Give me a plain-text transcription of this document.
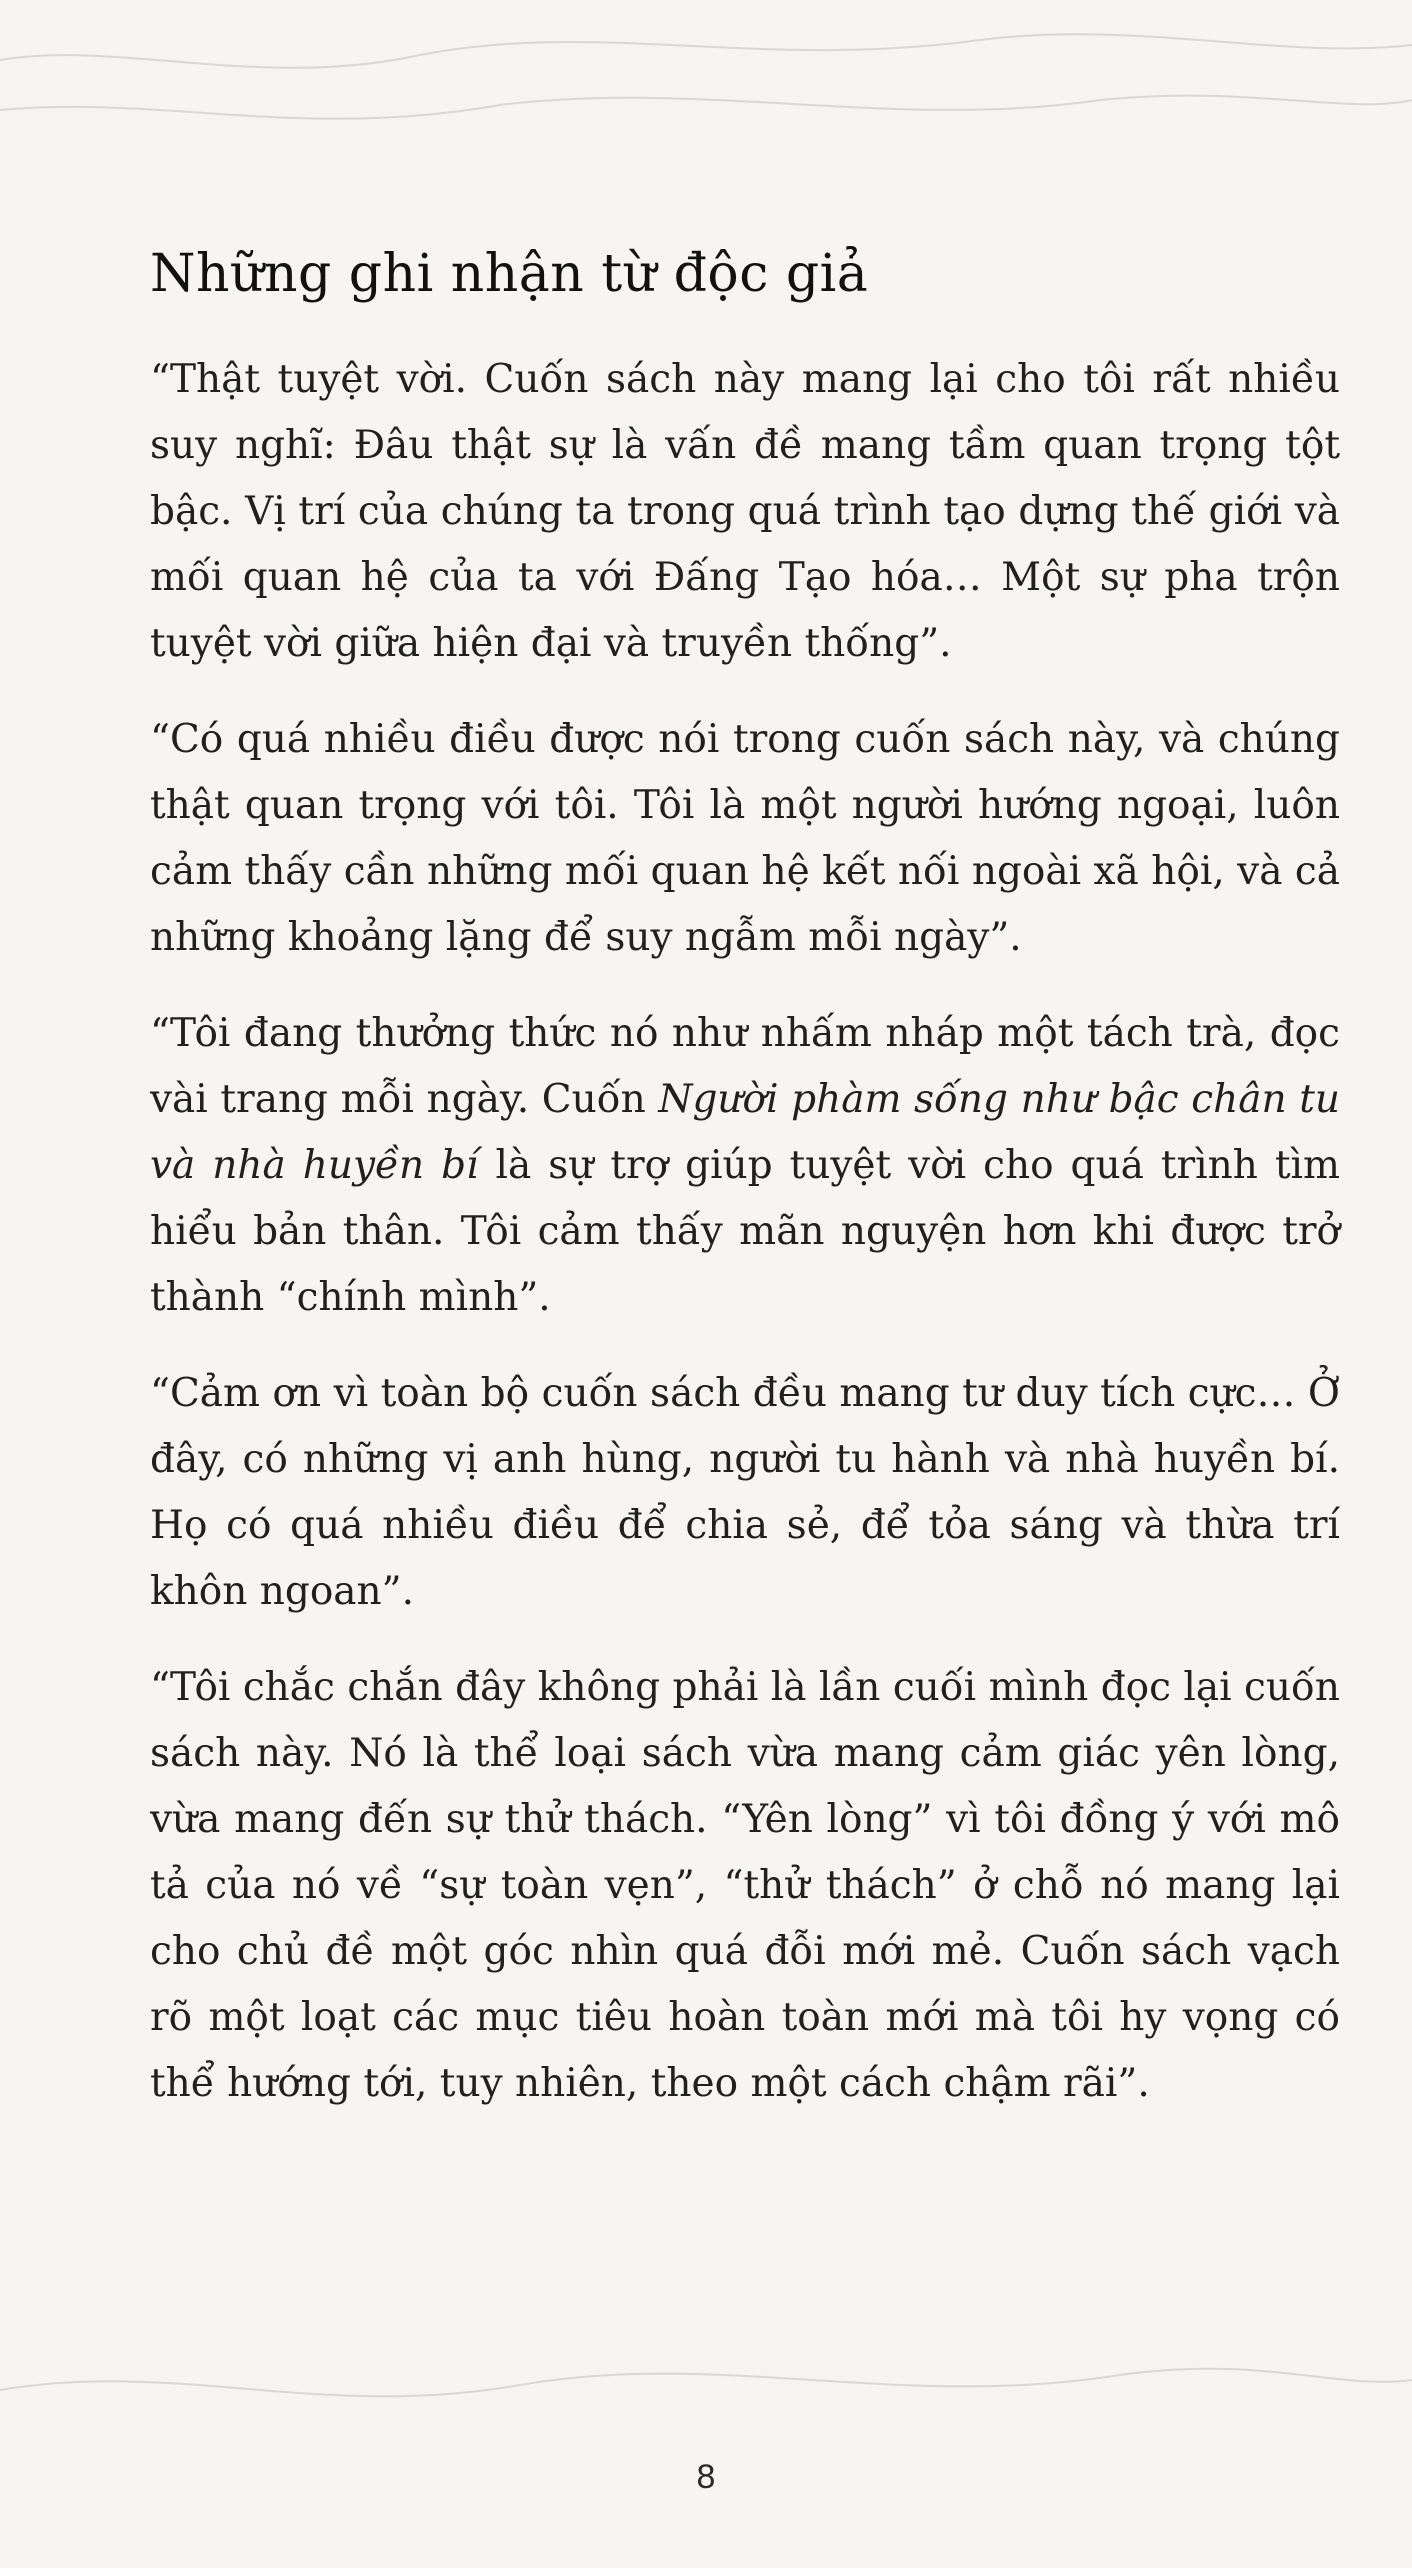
Những ghi nhận từ độc giả

“Thật tuyệt vời. Cuốn sách này mang lại cho tôi rất nhiều suy nghĩ: Đâu thật sự là vấn đề mang tầm quan trọng tột bậc. Vị trí của chúng ta trong quá trình tạo dựng thế giới và mối quan hệ của ta với Đấng Tạo hóa… Một sự pha trộn tuyệt vời giữa hiện đại và truyền thống”.

“Có quá nhiều điều được nói trong cuốn sách này, và chúng thật quan trọng với tôi. Tôi là một người hướng ngoại, luôn cảm thấy cần những mối quan hệ kết nối ngoài xã hội, và cả những khoảng lặng để suy ngẫm mỗi ngày”.

“Tôi đang thưởng thức nó như nhấm nháp một tách trà, đọc vài trang mỗi ngày. Cuốn Người phàm sống như bậc chân tu và nhà huyền bí là sự trợ giúp tuyệt vời cho quá trình tìm hiểu bản thân. Tôi cảm thấy mãn nguyện hơn khi được trở thành “chính mình”.

“Cảm ơn vì toàn bộ cuốn sách đều mang tư duy tích cực… Ở đây, có những vị anh hùng, người tu hành và nhà huyền bí. Họ có quá nhiều điều để chia sẻ, để tỏa sáng và thừa trí khôn ngoan”.

“Tôi chắc chắn đây không phải là lần cuối mình đọc lại cuốn sách này. Nó là thể loại sách vừa mang cảm giác yên lòng, vừa mang đến sự thử thách. “Yên lòng” vì tôi đồng ý với mô tả của nó về “sự toàn vẹn”, “thử thách” ở chỗ nó mang lại cho chủ đề một góc nhìn quá đỗi mới mẻ. Cuốn sách vạch rõ một loạt các mục tiêu hoàn toàn mới mà tôi hy vọng có thể hướng tới, tuy nhiên, theo một cách chậm rãi”.

8
